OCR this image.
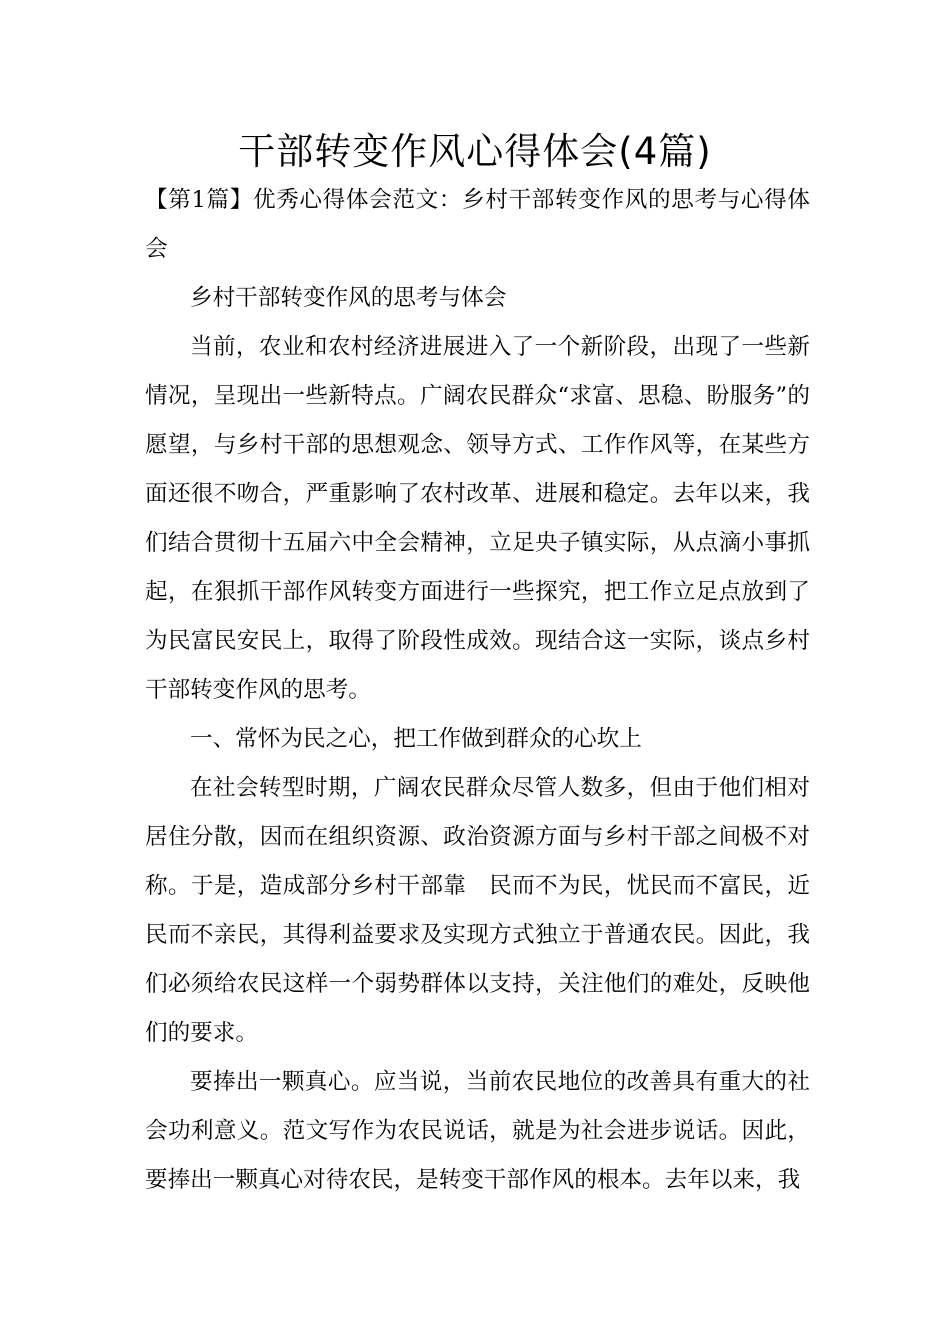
干部转变作风心得体会(4篇)

【第1篇】优秀心得体会范文：乡村干部转变作风的思考与心得体会

乡村干部转变作风的思考与体会

当前，农业和农村经济进展进入了一个新阶段，出现了一些新情况，呈现出一些新特点。广阔农民群众“求富、思稳、盼服务”的愿望，与乡村干部的思想观念、领导方式、工作作风等，在某些方面还很不吻合，严重影响了农村改革、进展和稳定。去年以来，我们结合贯彻十五届六中全会精神，立足央子镇实际，从点滴小事抓起，在狠抓干部作风转变方面进行一些探究，把工作立足点放到了为民富民安民上，取得了阶段性成效。现结合这一实际，谈点乡村干部转变作风的思考。

一、常怀为民之心，把工作做到群众的心坎上

在社会转型时期，广阔农民群众尽管人数多，但由于他们相对居住分散，因而在组织资源、政治资源方面与乡村干部之间极不对称。于是，造成部分乡村干部靠　民而不为民，忧民而不富民，近民而不亲民，其得利益要求及实现方式独立于普通农民。因此，我们必须给农民这样一个弱势群体以支持，关注他们的难处，反映他们的要求。

要捧出一颗真心。应当说，当前农民地位的改善具有重大的社会功利意义。范文写作为农民说话，就是为社会进步说话。因此，要捧出一颗真心对待农民，是转变干部作风的根本。去年以来，我
